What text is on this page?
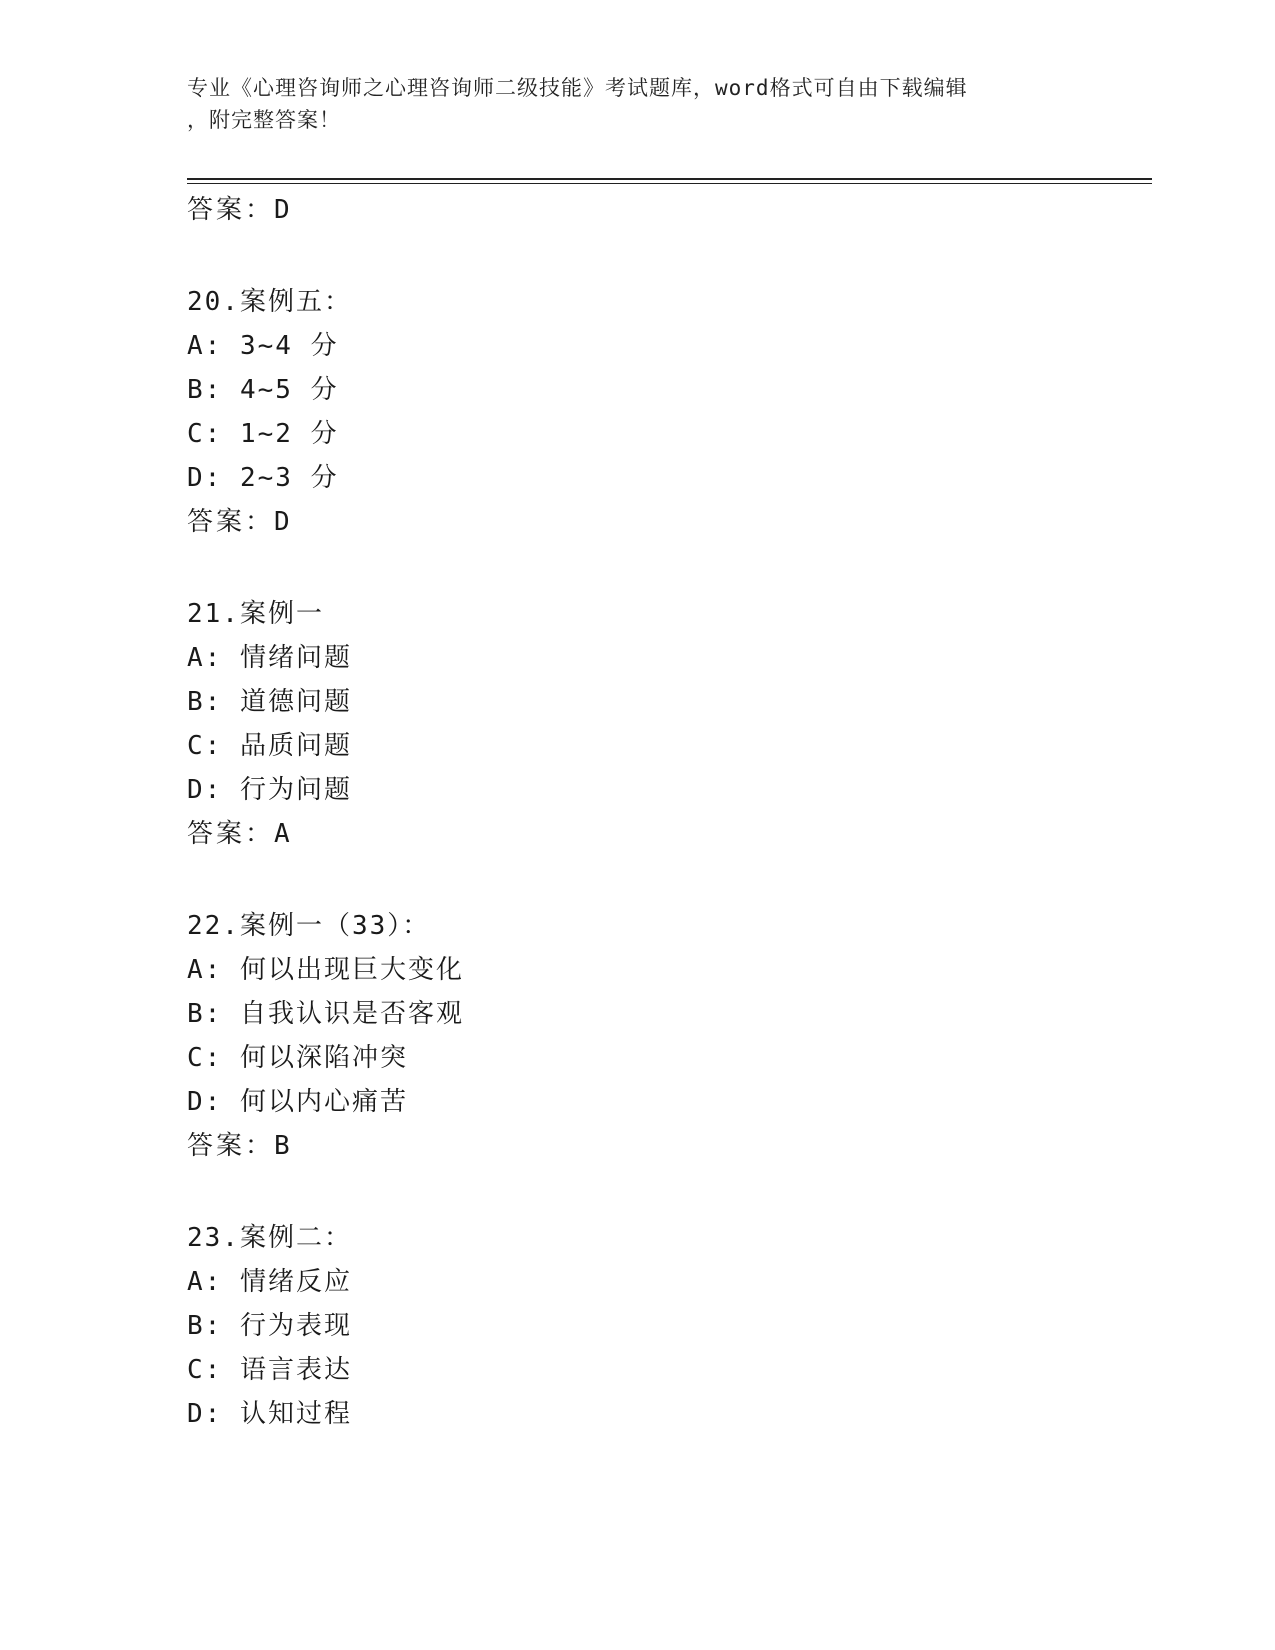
专业《心理咨询师之心理咨询师二级技能》考试题库，word格式可自由下载编辑
，附完整答案！
答案：D
20.案例五：
A: 3~4 分
B: 4~5 分
C: 1~2 分
D: 2~3 分
答案：D
21.案例一
A: 情绪问题
B: 道德问题
C: 品质问题
D: 行为问题
答案：A
22.案例一（33）：
A: 何以出现巨大变化
B: 自我认识是否客观
C: 何以深陷冲突
D: 何以内心痛苦
答案：B
23.案例二：
A: 情绪反应
B: 行为表现
C: 语言表达
D: 认知过程
